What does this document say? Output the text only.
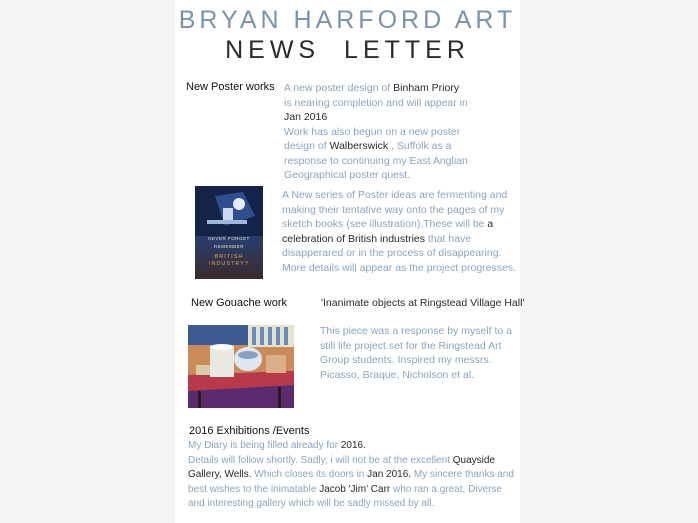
BRYAN HARFORD ART
NEWS LETTER
New Poster works A new poster design of Binham Priory
is nearing completion and will appear in
Jan 2016
Work has also begun on a new poster
design of Walberswick , Suffolk as a
response to continuing my East Anglian
Geographical poster quest.
NEVER FORGET
REMEMBER
BRITISH
INDUSTRY?
A New series of Poster ideas are fermenting and
making their tentative way onto the pages of my
sketch books (see illustration).These will be a
celebration of British industries that have
disapperared or in the process of disappearing.
More details will appear as the project progresses.
New Gouache work	'Inanimate objects at Ringstead Village Hall'
This piece was a response by myself to a
still life project set for the Ringstead Art
Group students. Inspired my messrs.
Picasso, Braque, Nicholson et al.
2016 Exhibitions /Events
My Diary is being filled already for 2016.
Details will follow shortly. Sadly, i will not be at the excellent Quayside
Gallery, Wells. Which closes its doors in Jan 2016. My sincere thanks and
best wishes to the inimatable Jacob 'Jim' Carr who ran a great, Diverse
and interesting gallery which will be sadly missed by all.
